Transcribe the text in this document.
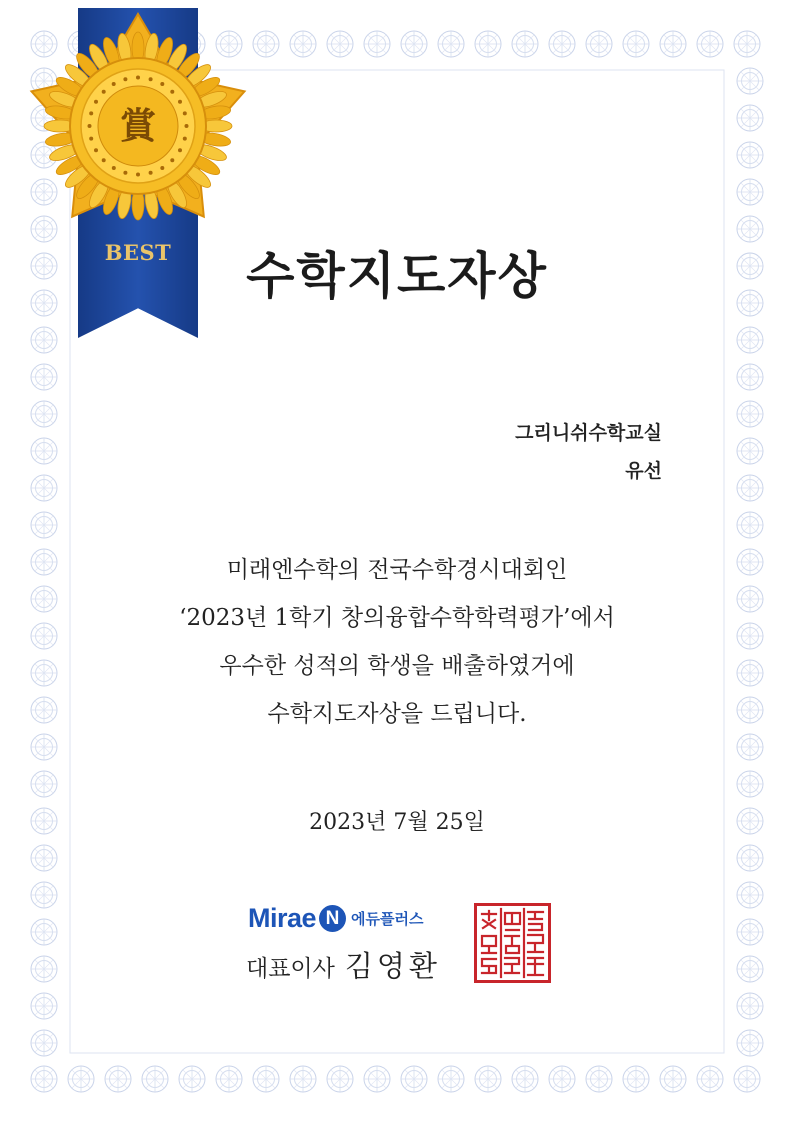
賞
BEST	수학지도자상
그리니쉬수학교실
유선
미래엔수학의 전국수학경시대회인
‘2023년 1학기 창의융합수학학력평가’에서
우수한 성적의 학생을 배출하였거에
수학지도자상을 드립니다.
2023년 7월 25일
Mirae N 에듀플러스
대표이사 김영환
